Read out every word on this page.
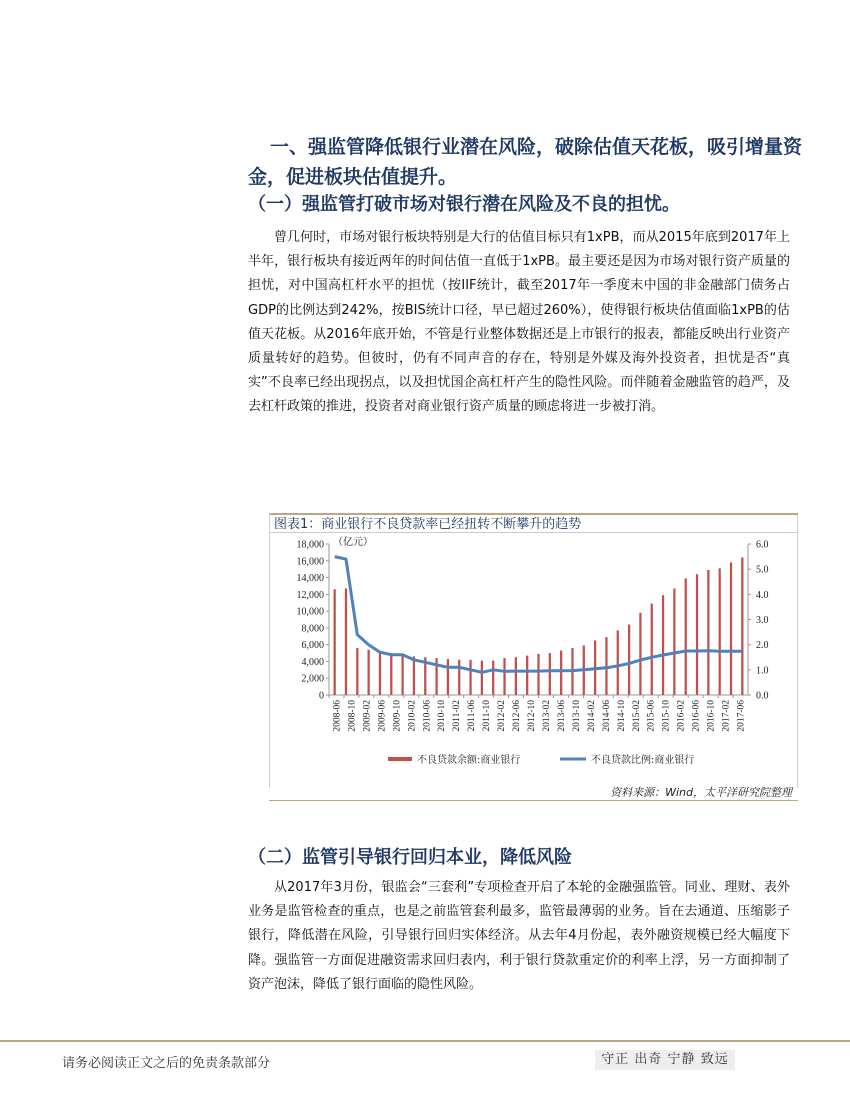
一、强监管降低银行业潜在风险，破除估值天花板，吸引增量资金，促进板块估值提升。
（一）强监管打破市场对银行潜在风险及不良的担忧。
曾几何时，市场对银行板块特别是大行的估值目标只有1xPB，而从2015年底到2017年上半年，银行板块有接近两年的时间估值一直低于1xPB。最主要还是因为市场对银行资产质量的担忧，对中国高杠杆水平的担忧（按IIF统计，截至2017年一季度末中国的非金融部门债务占GDP的比例达到242%，按BIS统计口径，早已超过260%），使得银行板块估值面临1xPB的估值天花板。从2016年底开始，不管是行业整体数据还是上市银行的报表，都能反映出行业资产质量转好的趋势。但彼时，仍有不同声音的存在，特别是外媒及海外投资者，担忧是否“真实”不良率已经出现拐点，以及担忧国企高杠杆产生的隐性风险。而伴随着金融监管的趋严，及去杠杆政策的推进，投资者对商业银行资产质量的顾虑将进一步被打消。
图表1：商业银行不良贷款率已经扭转不断攀升的趋势
0
2,000
4,000
6,000
8,000
10,000
12,000
14,000
16,000
18,000
0.0
1.0
2.0
3.0
4.0
5.0
6.0
（亿元）
2008-06 2008-10 2009-02 2009-06 2009-10 2010-02 2010-06 2010-10 2011-02 2011-06 2011-10 2012-02 2012-06 2012-10 2013-02 2013-06 2013-10 2014-02 2014-06 2014-10 2015-02 2015-06 2015-10 2016-02 2016-06 2016-10 2017-02 2017-06
不良贷款余额:商业银行	不良贷款比例:商业银行
资料来源：Wind，太平洋研究院整理
（二）监管引导银行回归本业，降低风险
从2017年3月份，银监会“三套利”专项检查开启了本轮的金融强监管。同业、理财、表外业务是监管检查的重点，也是之前监管套利最多，监管最薄弱的业务。旨在去通道、压缩影子银行，降低潜在风险，引导银行回归实体经济。从去年4月份起，表外融资规模已经大幅度下降。强监管一方面促进融资需求回归表内，利于银行贷款重定价的利率上浮，另一方面抑制了资产泡沫，降低了银行面临的隐性风险。
请务必阅读正文之后的免责条款部分	守正 出奇 宁静 致远
